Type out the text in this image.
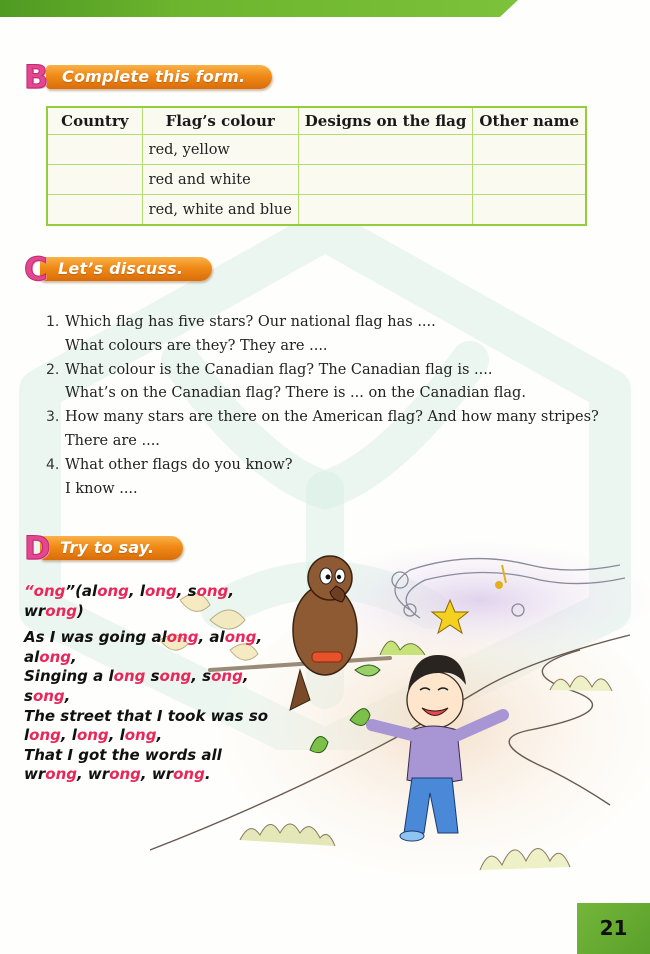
Complete this form.
B
Country	Flag’s colour	Designs on the flag	Other name
	red, yellow		
	red and white		
	red, white and blue		
Let’s discuss.
C
1. Which flag has five stars? Our national flag has ....
What colours are they? They are ....
2. What colour is the Canadian flag? The Canadian flag is ....
What’s on the Canadian flag? There is ... on the Canadian flag.
3. How many stars are there on the American flag? And how many stripes?
There are ....
4. What other flags do you know?
I know ....
Try to say.
D
“ong”(along, long, song,
wrong)
As I was going along, along,
along,
Singing a long song, song,
song,
The street that I took was so
long, long, long,
That I got the words all
wrong, wrong, wrong.
21
